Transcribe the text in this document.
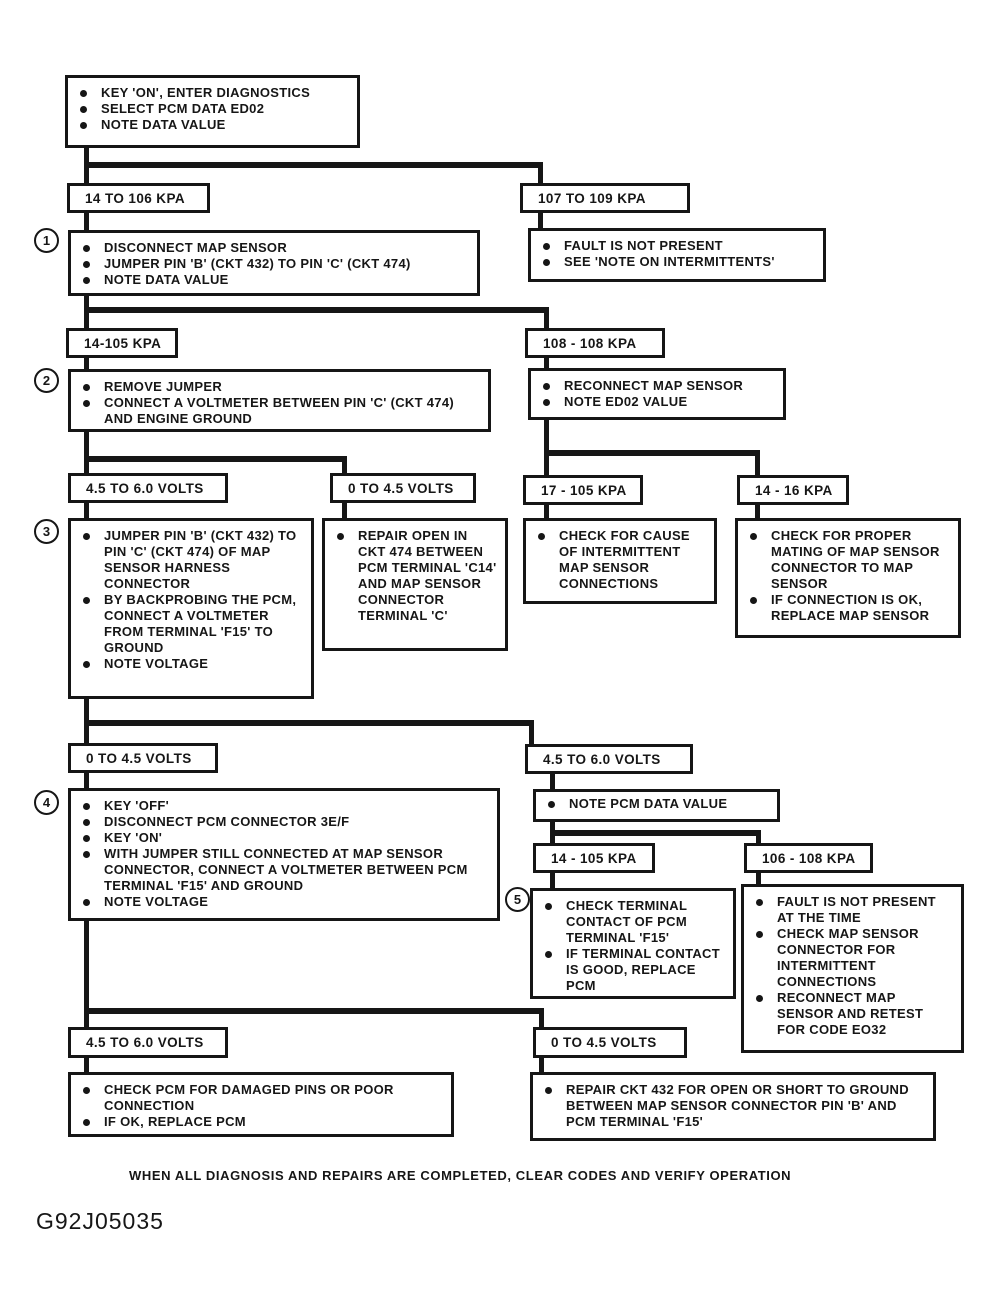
1
2
3
4
5
KEY 'ON', ENTER DIAGNOSTICS
SELECT PCM DATA ED02
NOTE DATA VALUE
14 TO 106 KPA	107 TO 109 KPA
DISCONNECT MAP SENSOR
JUMPER PIN 'B' (CKT 432) TO PIN 'C' (CKT 474)
NOTE DATA VALUE
FAULT IS NOT PRESENT
SEE 'NOTE ON INTERMITTENTS'
14-105 KPA	108 - 108 KPA
REMOVE JUMPER
CONNECT A VOLTMETER BETWEEN PIN 'C' (CKT 474) AND ENGINE GROUND
RECONNECT MAP SENSOR
NOTE ED02 VALUE
4.5 TO 6.0 VOLTS	0 TO 4.5 VOLTS	17 - 105 KPA	14 - 16 KPA
JUMPER PIN 'B' (CKT 432) TO PIN 'C' (CKT 474) OF MAP SENSOR HARNESS CONNECTOR
BY BACKPROBING THE PCM, CONNECT A VOLTMETER FROM TERMINAL 'F15' TO GROUND
NOTE VOLTAGE
REPAIR OPEN IN CKT 474 BETWEEN PCM TERMINAL 'C14' AND MAP SENSOR CONNECTOR TERMINAL 'C'
CHECK FOR CAUSE OF INTERMITTENT MAP SENSOR CONNECTIONS
CHECK FOR PROPER MATING OF MAP SENSOR CONNECTOR TO MAP SENSOR
IF CONNECTION IS OK, REPLACE MAP SENSOR
0 TO 4.5 VOLTS	4.5 TO 6.0 VOLTS
KEY 'OFF'
DISCONNECT PCM CONNECTOR 3E/F
KEY 'ON'
WITH JUMPER STILL CONNECTED AT MAP SENSOR CONNECTOR, CONNECT A VOLTMETER BETWEEN PCM TERMINAL 'F15' AND GROUND
NOTE VOLTAGE
NOTE PCM DATA VALUE
14 - 105 KPA	106 - 108 KPA
CHECK TERMINAL CONTACT OF PCM TERMINAL 'F15'
IF TERMINAL CONTACT IS GOOD, REPLACE PCM
FAULT IS NOT PRESENT AT THE TIME
CHECK MAP SENSOR CONNECTOR FOR INTERMITTENT CONNECTIONS
RECONNECT MAP SENSOR AND RETEST FOR CODE EO32
4.5 TO 6.0 VOLTS	0 TO 4.5 VOLTS
CHECK PCM FOR DAMAGED PINS OR POOR CONNECTION
IF OK, REPLACE PCM
REPAIR CKT 432 FOR OPEN OR SHORT TO GROUND BETWEEN MAP SENSOR CONNECTOR PIN 'B' AND PCM TERMINAL 'F15'
WHEN ALL DIAGNOSIS AND REPAIRS ARE COMPLETED, CLEAR CODES AND VERIFY OPERATION
G92J05035
